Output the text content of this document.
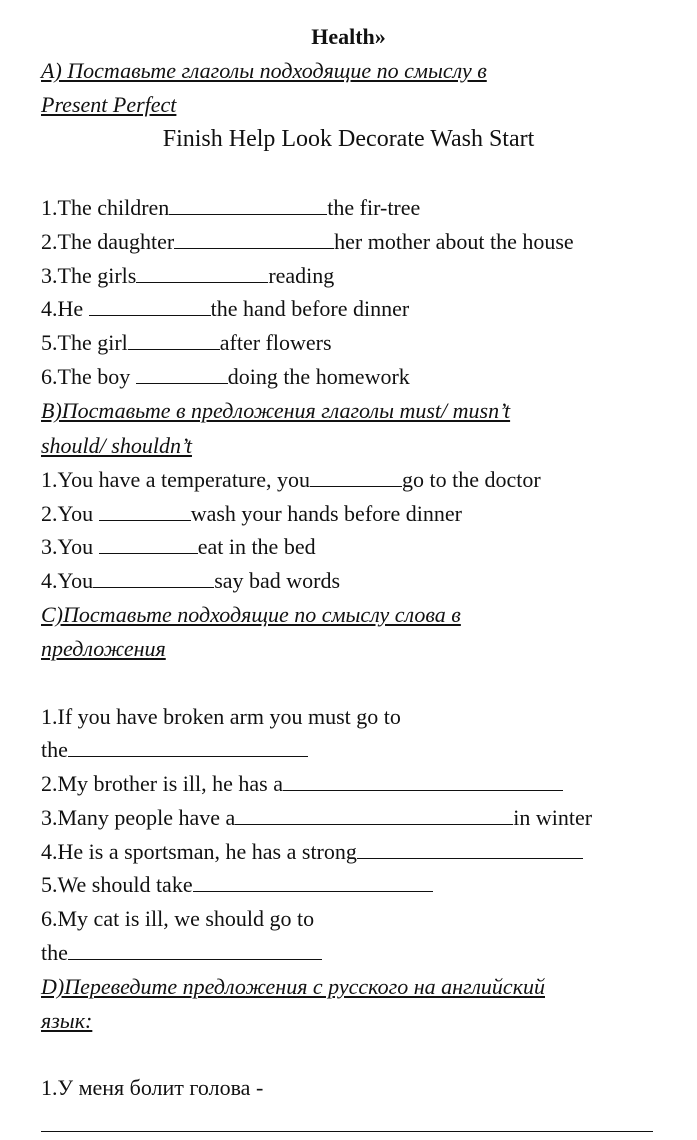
Health»
A) Поставьте глаголы подходящие по смыслу в
Present Perfect
Finish Help Look Decorate Wash Start
1.The children	the fir-tree
2.The daughter	her mother about the house
3.The girls	reading
4.He	the hand before dinner
5.The girl	after flowers
6.The boy	doing the homework
B)Поставьте в предложения глаголы must/ musn’t
should/ shouldn’t
1.You have a temperature, you	go to the doctor
2.You	wash your hands before dinner
3.You	eat in the bed
4.You	say bad words
C)Поставьте подходящие по смыслу слова в
предложения
1.If you have broken arm you must go to
the
2.My brother is ill, he has a
3.Many people have a	in winter
4.He is a sportsman, he has a strong
5.We should take
6.My cat is ill, we should go to
the
D)Переведите предложения с русского на английский
язык:
1.У меня болит голова -
